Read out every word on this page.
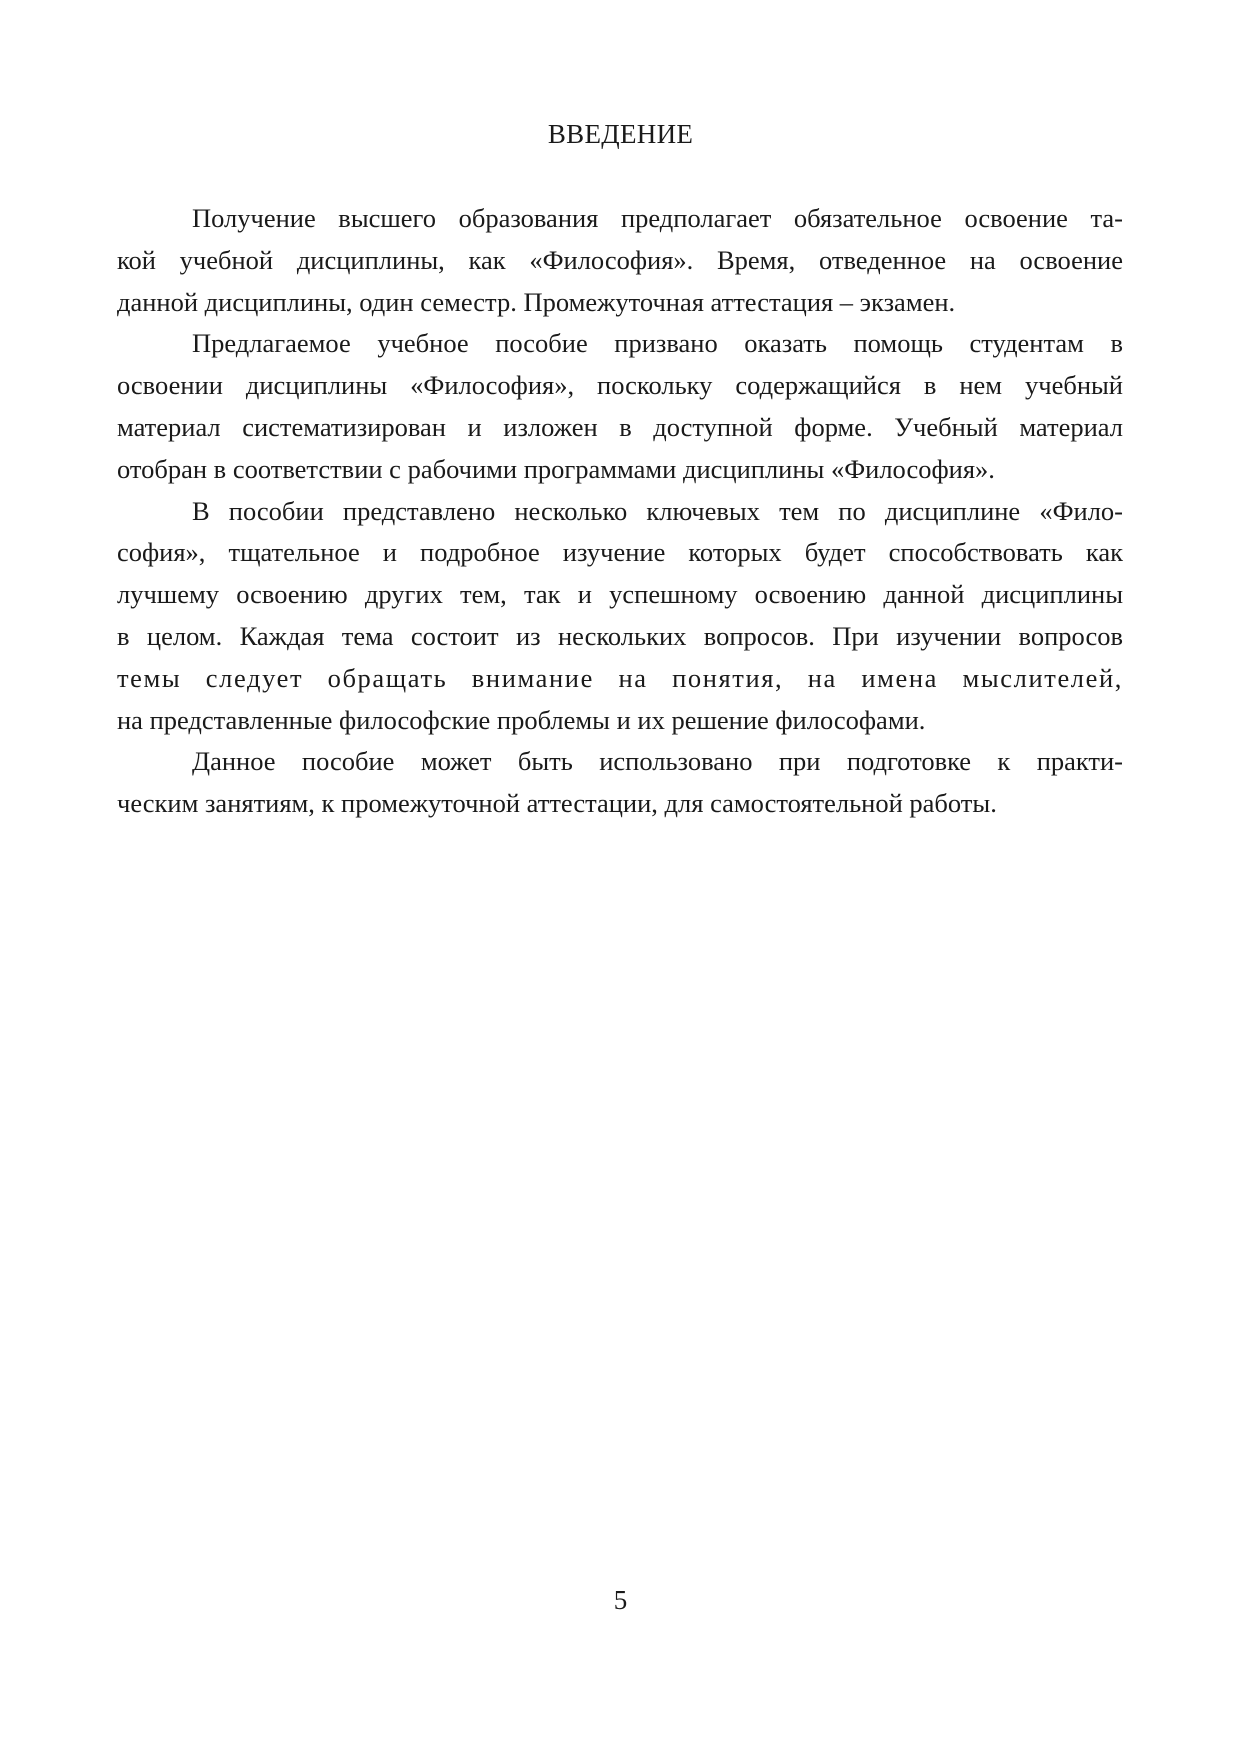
ВВЕДЕНИЕ
Получение высшего образования предполагает обязательное освоение та-
кой учебной дисциплины, как «Философия». Время, отведенное на освоение
данной дисциплины, один семестр. Промежуточная аттестация – экзамен.
Предлагаемое учебное пособие призвано оказать помощь студентам в
освоении дисциплины «Философия», поскольку содержащийся в нем учебный
материал систематизирован и изложен в доступной форме. Учебный материал
отобран в соответствии с рабочими программами дисциплины «Философия».
В пособии представлено несколько ключевых тем по дисциплине «Фило-
софия», тщательное и подробное изучение которых будет способствовать как
лучшему освоению других тем, так и успешному освоению данной дисциплины
в целом. Каждая тема состоит из нескольких вопросов. При изучении вопросов
темы следует обращать внимание на понятия, на имена мыслителей,
на представленные философские проблемы и их решение философами.
Данное пособие может быть использовано при подготовке к практи-
ческим занятиям, к промежуточной аттестации, для самостоятельной работы.
5
